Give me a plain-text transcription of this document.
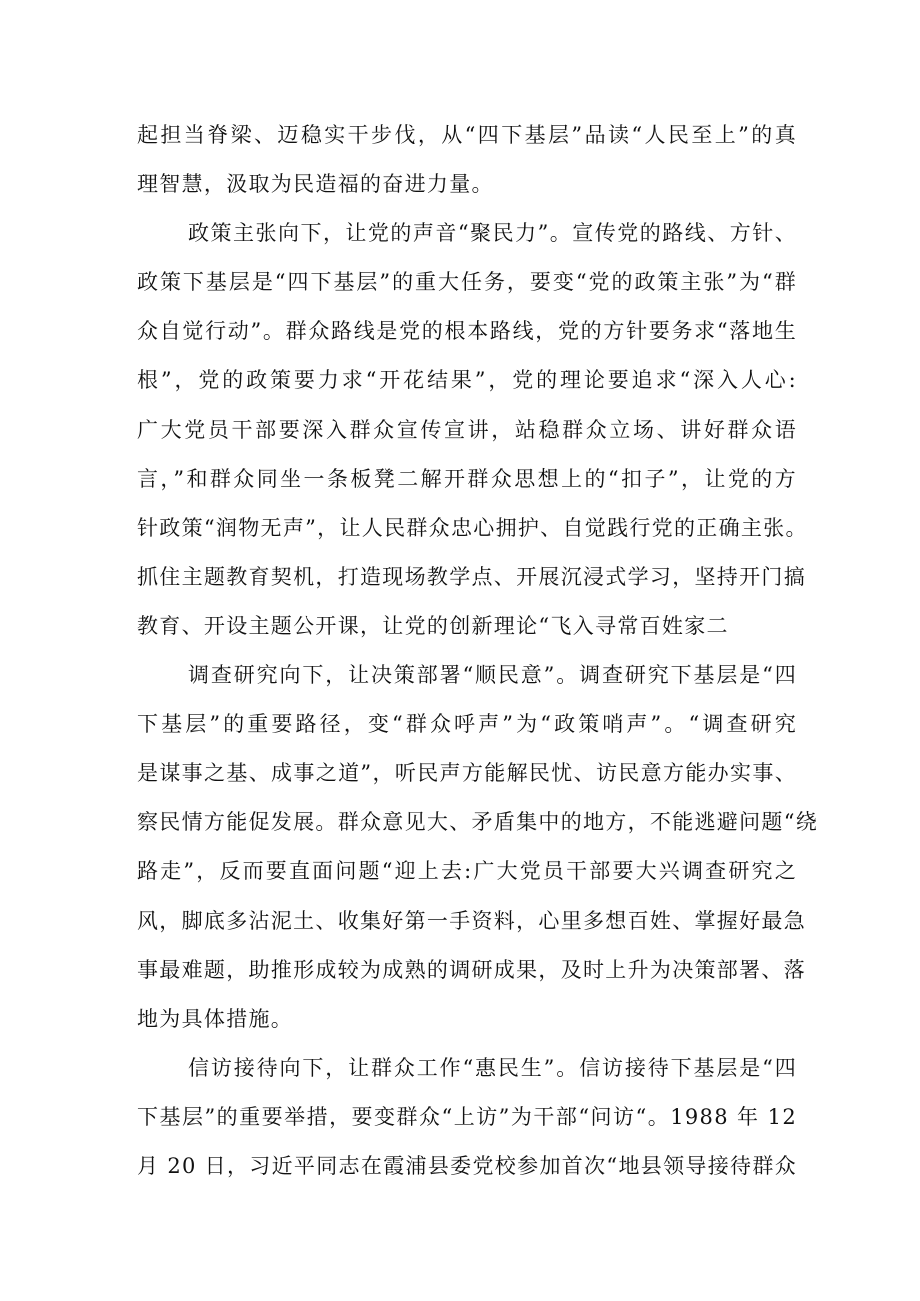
起担当脊梁、迈稳实干步伐，从“四下基层”品读“人民至上”的真
理智慧，汲取为民造福的奋进力量。

政策主张向下，让党的声音“聚民力”。宣传党的路线、方针、
政策下基层是“四下基层”的重大任务，要变“党的政策主张”为“群
众自觉行动”。群众路线是党的根本路线，党的方针要务求“落地生
根”，党的政策要力求“开花结果”，党的理论要追求“深入人心:
广大党员干部要深入群众宣传宣讲，站稳群众立场、讲好群众语
言，”和群众同坐一条板凳二解开群众思想上的“扣子”，让党的方
针政策“润物无声”，让人民群众忠心拥护、自觉践行党的正确主张。
抓住主题教育契机，打造现场教学点、开展沉浸式学习，坚持开门搞
教育、开设主题公开课，让党的创新理论“飞入寻常百姓家二

调查研究向下，让决策部署“顺民意”。调查研究下基层是“四
下基层”的重要路径，变“群众呼声”为“政策哨声”。“调查研究
是谋事之基、成事之道”，听民声方能解民忧、访民意方能办实事、
察民情方能促发展。群众意见大、矛盾集中的地方，不能逃避问题“绕
路走”，反而要直面问题“迎上去:广大党员干部要大兴调查研究之
风，脚底多沾泥土、收集好第一手资料，心里多想百姓、掌握好最急
事最难题，助推形成较为成熟的调研成果，及时上升为决策部署、落
地为具体措施。

信访接待向下，让群众工作“惠民生”。信访接待下基层是“四
下基层”的重要举措，要变群众“上访”为干部“问访“。1988 年 12
月 20 日，习近平同志在霞浦县委党校参加首次“地县领导接待群众
